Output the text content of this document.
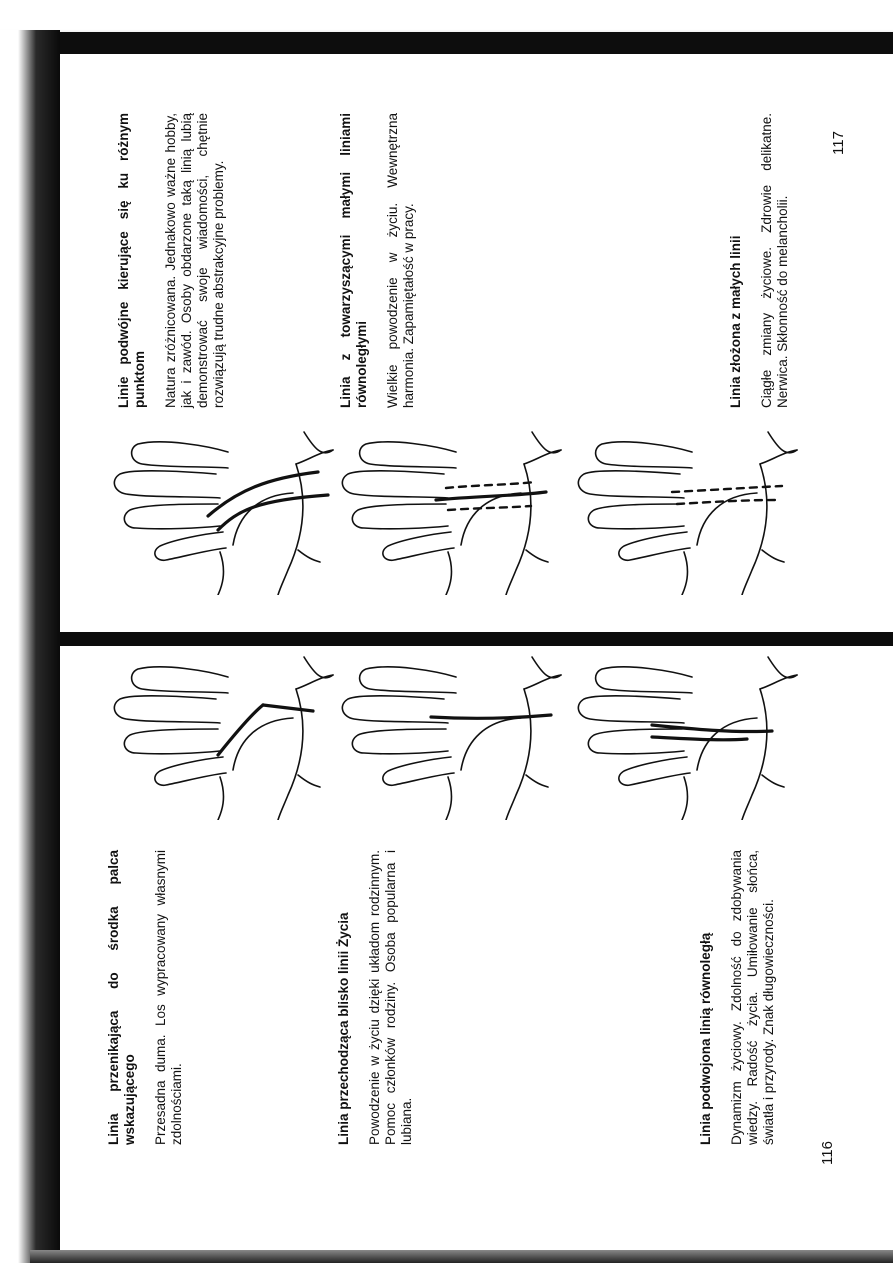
Linia przenikająca do środka palca wskazującego Przesadna duma. Los wypracowany własnymi zdolnościami.	Linia przechodząca blisko linii Życia Powodzenie w życiu dzięki układom rodzinnym. Pomoc członków rodziny. Osoba popularna i lubiana.	Linia podwojona linią równoległą Dynamizm życiowy. Zdolność do zdobywania wiedzy. Radość życia. Umiłowanie słońca, światła i przyrody. Znak długowieczności.
116
Linie podwójne kierujące się ku różnym punktom Natura zróżnicowana. Jednakowo ważne hobby, jak i zawód. Osoby obdarzone taką linią lubią demonstrować swoje wiadomości, chętnie rozwiązują trudne abstrakcyjne problemy.	Linia z towarzyszącymi małymi liniami równoległymi Wielkie powodzenie w życiu. Wewnętrzna harmonia. Zapamiętałość w pracy.	Linia złożona z małych linii Ciągłe zmiany życiowe. Zdrowie delikatne. Nerwica. Skłonność do melancholii.
117
